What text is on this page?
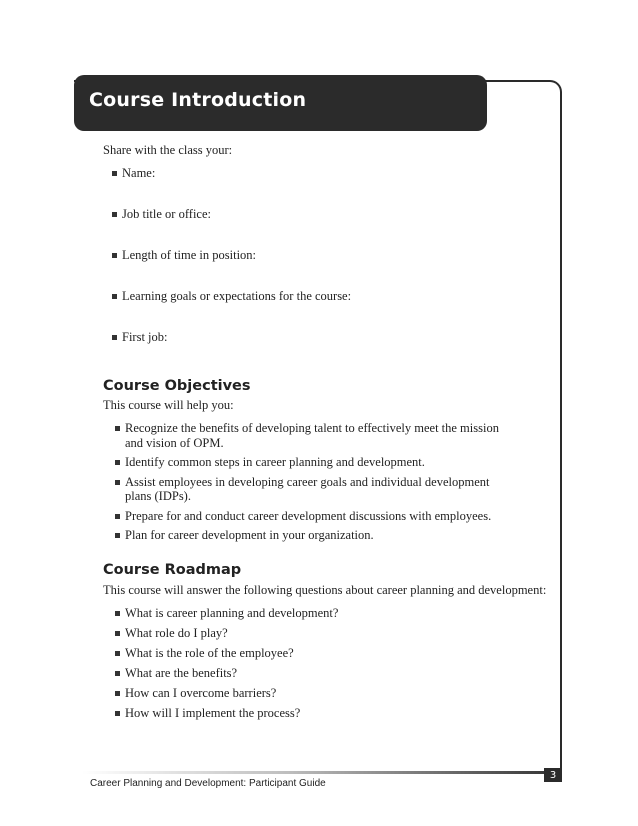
Course Introduction
Share with the class your:
Name:
Job title or office:
Length of time in position:
Learning goals or expectations for the course:
First job:
Course Objectives
This course will help you:
Recognize the benefits of developing talent to effectively meet the mission and vision of OPM.
Identify common steps in career planning and development.
Assist employees in developing career goals and individual development plans (IDPs).
Prepare for and conduct career development discussions with employees.
Plan for career development in your organization.
Course Roadmap
This course will answer the following questions about career planning and development:
What is career planning and development?
What role do I play?
What is the role of the employee?
What are the benefits?
How can I overcome barriers?
How will I implement the process?
3
Career Planning and Development: Participant Guide
